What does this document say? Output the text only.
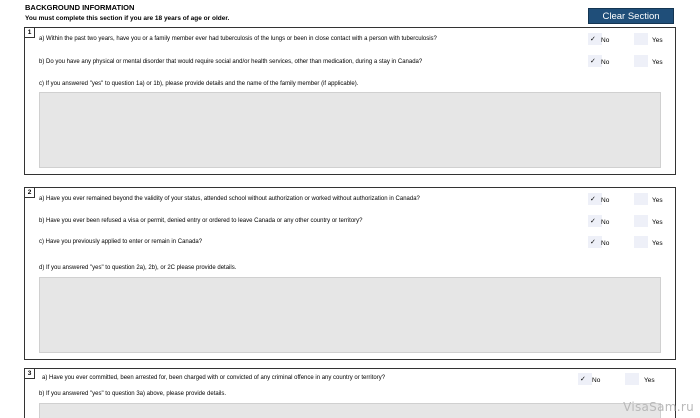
BACKGROUND INFORMATION
You must complete this section if you are 18 years of age or older.	Clear Section
1
a) Within the past two years, have you or a family member ever had tuberculosis of the lungs or been in close contact with a person with tuberculosis?	✓ No	Yes
b) Do you have any physical or mental disorder that would require social and/or health services, other than medication, during a stay in Canada?	✓ No	Yes
c) If you answered "yes" to question 1a) or 1b), please provide details and the name of the family member (if applicable).
2
a) Have you ever remained beyond the validity of your status, attended school without authorization or worked without authorization in Canada?	✓ No	Yes
b) Have you ever been refused a visa or permit, denied entry or ordered to leave Canada or any other country or territory?	✓ No	Yes
c) Have you previously applied to enter or remain in Canada?	✓ No	Yes
d) If you answered "yes" to question 2a), 2b), or 2C please provide details.
3
a) Have you ever committed, been arrested for, been charged with or convicted of any criminal offence in any country or territory?	✓ No	Yes
b) If you answered "yes" to question 3a) above, please provide details.
VisaSam.ru
